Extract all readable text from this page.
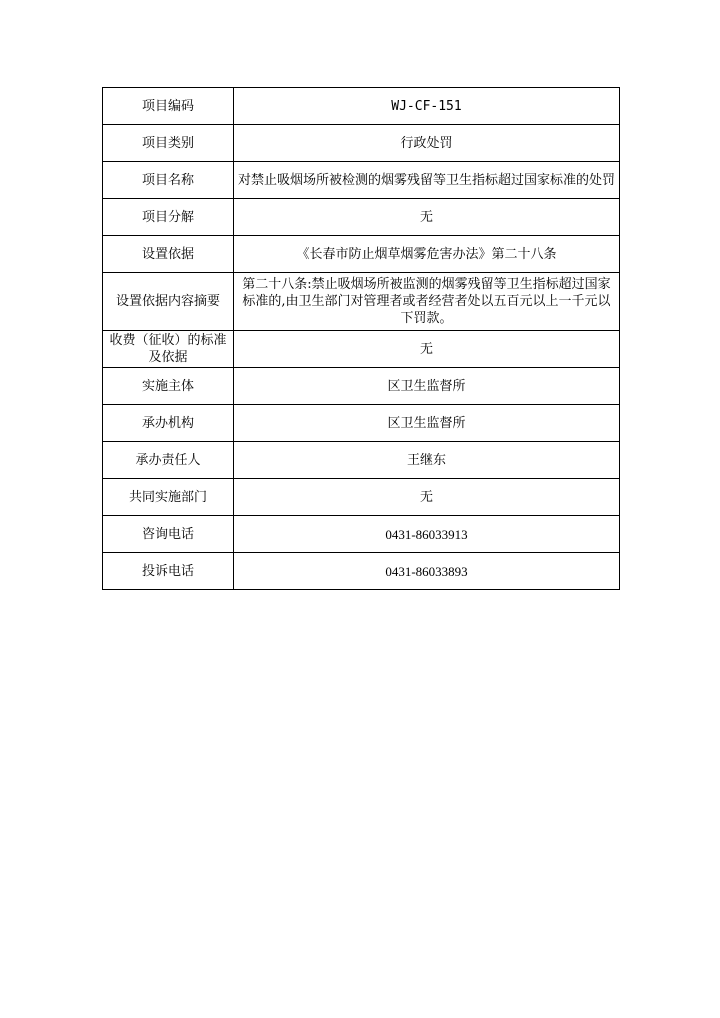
项目编码	WJ-CF-151
项目类别	行政处罚
项目名称	对禁止吸烟场所被检测的烟雾残留等卫生指标超过国家标准的处罚
项目分解	无
设置依据	《长春市防止烟草烟雾危害办法》第二十八条
设置依据内容摘要	第二十八条:禁止吸烟场所被监测的烟雾残留等卫生指标超过国家标准的,由卫生部门对管理者或者经营者处以五百元以上一千元以下罚款。
收费（征收）的标准及依据	无
实施主体	区卫生监督所
承办机构	区卫生监督所
承办责任人	王继东
共同实施部门	无
咨询电话	0431-86033913
投诉电话	0431-86033893
